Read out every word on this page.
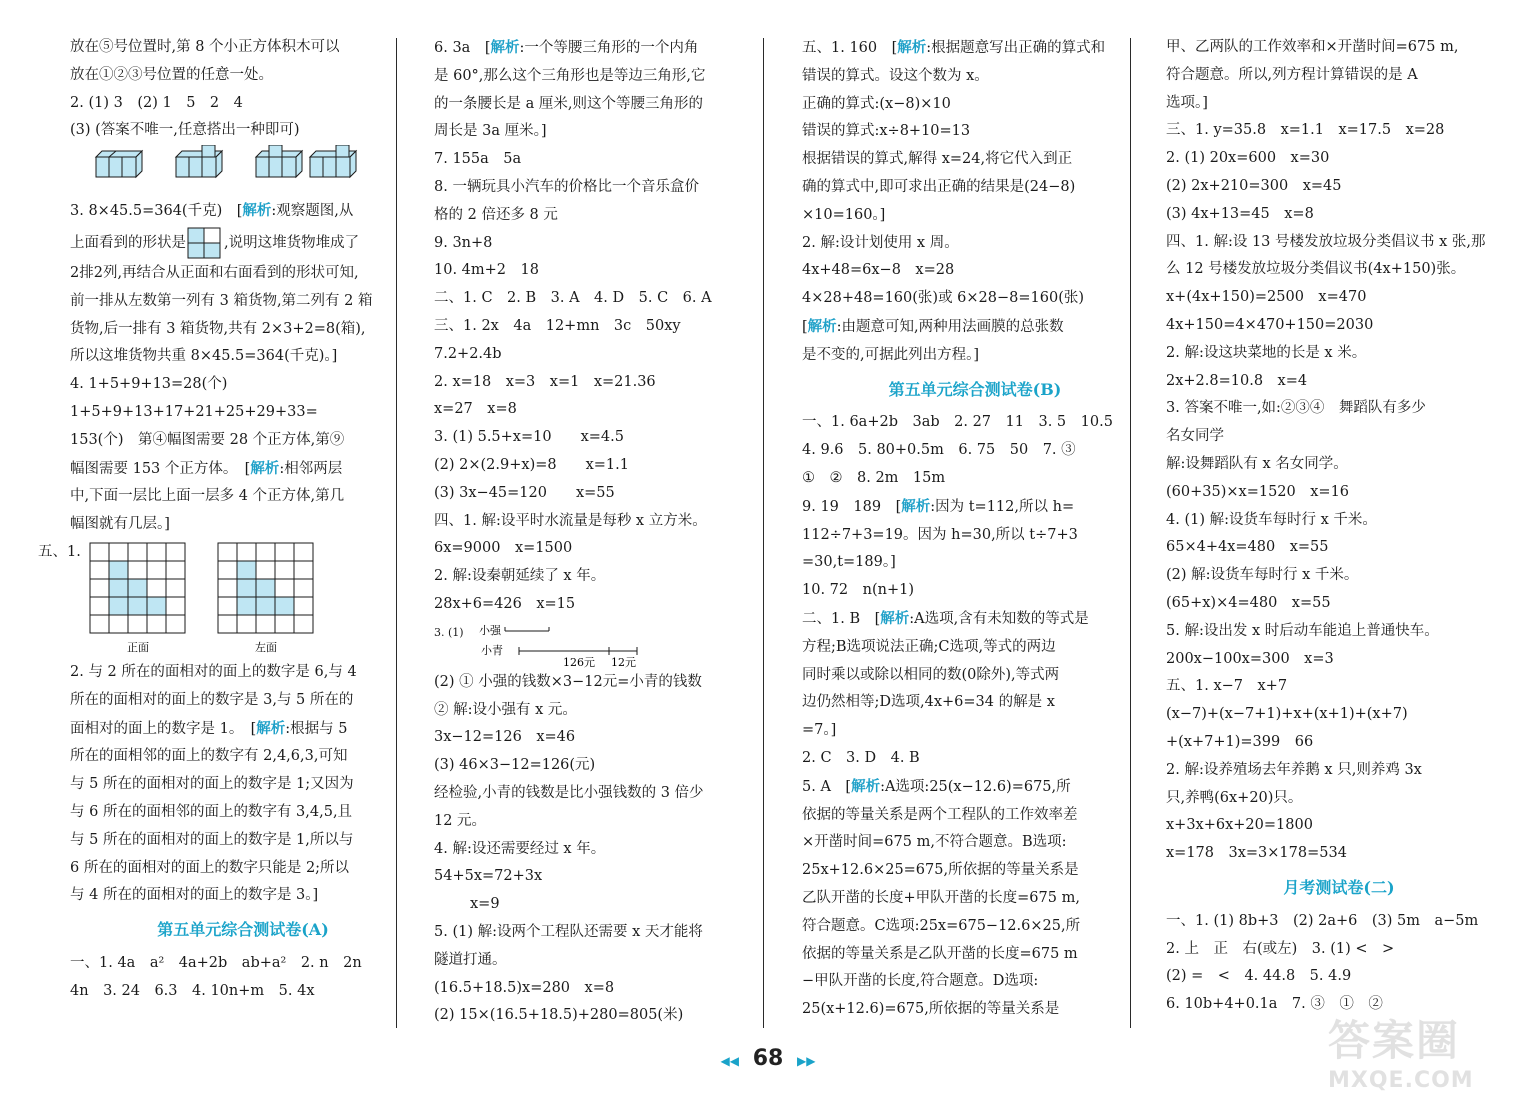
放在⑤号位置时,第 8 个小正方体积木可以

放在①②③号位置的任意一处。

2. (1) 3　(2) 1　5　2　4

(3) (答案不唯一,任意搭出一种即可)

3. 8×45.5=364(千克)　[解析:观察题图,从

上面看到的形状是	,说明这堆货物堆成了

2排2列,再结合从正面和右面看到的形状可知,

前一排从左数第一列有 3 箱货物,第二列有 2 箱

货物,后一排有 3 箱货物,共有 2×3+2=8(箱),

所以这堆货物共重 8×45.5=364(千克)。]

4. 1+5+9+13=28(个)

1+5+9+13+17+21+25+29+33=

153(个)　第④幅图需要 28 个正方体,第⑨

幅图需要 153 个正方体。　[解析:相邻两层

中,下面一层比上面一层多 4 个正方体,第几

幅图就有几层。]

五、1.
正面	左面

2. 与 2 所在的面相对的面上的数字是 6,与 4

所在的面相对的面上的数字是 3,与 5 所在的

面相对的面上的数字是 1。　[解析:根据与 5

所在的面相邻的面上的数字有 2,4,6,3,可知

与 5 所在的面相对的面上的数字是 1;又因为

与 6 所在的面相邻的面上的数字有 3,4,5,且

与 5 所在的面相对的面上的数字是 1,所以与

6 所在的面相对的面上的数字只能是 2;所以

与 4 所在的面相对的面上的数字是 3。]

第五单元综合测试卷(A)

一、1. 4a　a²　4a+2b　ab+a²　2. n　2n

4n　3. 24　6.3　4. 10n+m　5. 4x

6. 3a　[解析:一个等腰三角形的一个内角

是 60°,那么这个三角形也是等边三角形,它

的一条腰长是 a 厘米,则这个等腰三角形的

周长是 3a 厘米。]

7. 155a　5a

8. 一辆玩具小汽车的价格比一个音乐盒价

格的 2 倍还多 8 元

9. 3n+8

10. 4m+2　18

二、1. C　2. B　3. A　4. D　5. C　6. A

三、1. 2x　4a　12+mn　3c　50xy

7.2+2.4b

2. x=18　x=3　x=1　x=21.36

x=27　x=8

3. (1) 5.5+x=10　　x=4.5

(2) 2×(2.9+x)=8　　x=1.1

(3) 3x−45=120　　x=55

四、1. 解:设平时水流量是每秒 x 立方米。

6x=9000　x=1500

2. 解:设秦朝延续了 x 年。

28x+6=426　x=15

3. (1) 小强
小青
126元 12元

(2) ① 小强的钱数×3−12元=小青的钱数

② 解:设小强有 x 元。

3x−12=126　x=46

(3) 46×3−12=126(元)

经检验,小青的钱数是比小强钱数的 3 倍少

12 元。

4. 解:设还需要经过 x 年。

54+5x=72+3x

x=9

5. (1) 解:设两个工程队还需要 x 天才能将

隧道打通。

(16.5+18.5)x=280　x=8

(2) 15×(16.5+18.5)+280=805(米)

五、1. 160　[解析:根据题意写出正确的算式和

错误的算式。设这个数为 x。

正确的算式:(x−8)×10

错误的算式:x÷8+10=13

根据错误的算式,解得 x=24,将它代入到正

确的算式中,即可求出正确的结果是(24−8)

×10=160。]

2. 解:设计划使用 x 周。

4x+48=6x−8　x=28

4×28+48=160(张)或 6×28−8=160(张)

[解析:由题意可知,两种用法画膜的总张数

是不变的,可据此列出方程。]

第五单元综合测试卷(B)

一、1. 6a+2b　3ab　2. 27　11　3. 5　10.5

4. 9.6　5. 80+0.5m　6. 75　50　7. ③

①　②　8. 2m　15m

9. 19　189　[解析:因为 t=112,所以 h=

112÷7+3=19。因为 h=30,所以 t÷7+3

=30,t=189。]

10. 72　n(n+1)

二、1. B　[解析:A选项,含有未知数的等式是

方程;B选项说法正确;C选项,等式的两边

同时乘以或除以相同的数(0除外),等式两

边仍然相等;D选项,4x+6=34 的解是 x

=7。]

2. C　3. D　4. B

5. A　[解析:A选项:25(x−12.6)=675,所

依据的等量关系是两个工程队的工作效率差

×开凿时间=675 m,不符合题意。B选项:

25x+12.6×25=675,所依据的等量关系是

乙队开凿的长度+甲队开凿的长度=675 m,

符合题意。C选项:25x=675−12.6×25,所

依据的等量关系是乙队开凿的长度=675 m

−甲队开凿的长度,符合题意。D选项:

25(x+12.6)=675,所依据的等量关系是

甲、乙两队的工作效率和×开凿时间=675 m,

符合题意。所以,列方程计算错误的是 A

选项。]

三、1. y=35.8　x=1.1　x=17.5　x=28

2. (1) 20x=600　x=30

(2) 2x+210=300　x=45

(3) 4x+13=45　x=8

四、1. 解:设 13 号楼发放垃圾分类倡议书 x 张,那

么 12 号楼发放垃圾分类倡议书(4x+150)张。

x+(4x+150)=2500　x=470

4x+150=4×470+150=2030

2. 解:设这块菜地的长是 x 米。

2x+2.8=10.8　x=4

3. 答案不唯一,如:②③④　舞蹈队有多少

名女同学

解:设舞蹈队有 x 名女同学。

(60+35)×x=1520　x=16

4. (1) 解:设货车每时行 x 千米。

65×4+4x=480　x=55

(2) 解:设货车每时行 x 千米。

(65+x)×4=480　x=55

5. 解:设出发 x 时后动车能追上普通快车。

200x−100x=300　x=3

五、1. x−7　x+7

(x−7)+(x−7+1)+x+(x+1)+(x+7)

+(x+7+1)=399　66

2. 解:设养殖场去年养鹅 x 只,则养鸡 3x

只,养鸭(6x+20)只。

x+3x+6x+20=1800

x=178　3x=3×178=534

月考测试卷(二)

一、1. (1) 8b+3　(2) 2a+6　(3) 5m　a−5m

2. 上　正　右(或左)　3. (1) <　>

(2) =　<　4. 44.8　5. 4.9

6. 10b+4+0.1a　7. ③　①　②

◀◀ 68 ▶▶	答案圈
MXQE.COM
